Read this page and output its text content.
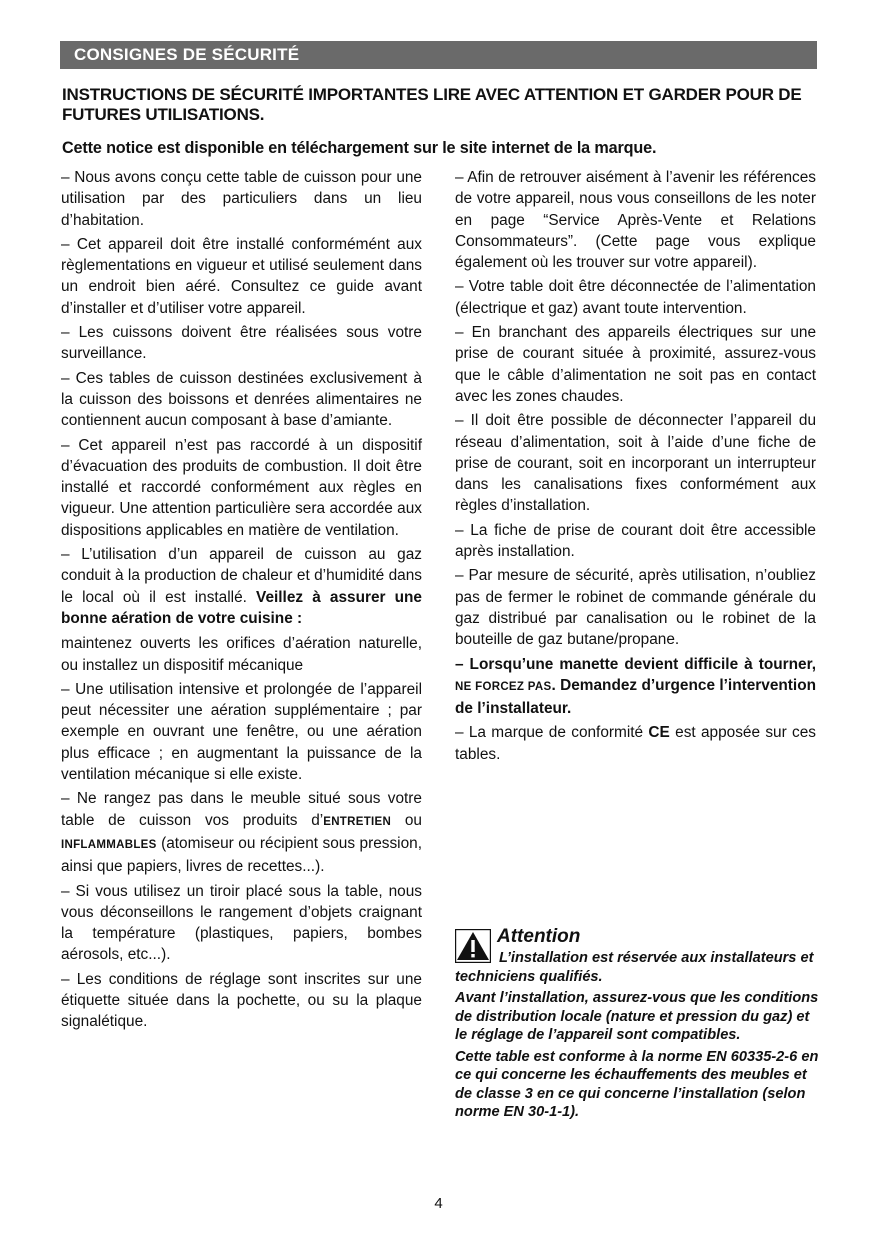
CONSIGNES DE SÉCURITÉ
INSTRUCTIONS DE SÉCURITÉ IMPORTANTES LIRE AVEC ATTENTION ET GARDER POUR DE FUTURES UTILISATIONS.
Cette notice est disponible en téléchargement sur le site internet de la marque.

– Nous avons conçu cette table de cuisson pour une utilisation par des particuliers dans un lieu d’habitation.

– Cet appareil doit être installé conformémént aux règlementations en vigueur et utilisé seulement dans un endroit bien aéré. Consultez ce guide avant d’installer et d’utiliser votre appareil.

– Les cuissons doivent être réalisées sous votre surveillance.

– Ces tables de cuisson destinées exclusivement à la cuisson des boissons et denrées alimentaires ne contiennent aucun composant à base d’amiante.

– Cet appareil n’est pas raccordé à un dispositif d’évacuation des produits de combustion. Il doit être installé et raccordé conformément aux règles en vigueur. Une attention particulière sera accordée aux dispositions applicables en matière de ventilation.

– L’utilisation d’un appareil de cuisson au gaz conduit à la production de chaleur et d’humidité dans le local où il est installé. Veillez à assurer une bonne aération de votre cuisine :

maintenez ouverts les orifices d’aération naturelle, ou installez un dispositif mécanique

– Une utilisation intensive et prolongée de l’appareil peut nécessiter une aération supplémentaire ; par exemple en ouvrant une fenêtre, ou une aération plus efficace ; en augmentant la puissance de la ventilation mécanique si elle existe.

– Ne rangez pas dans le meuble situé sous votre table de cuisson vos produits d’ENTRETIEN ou INFLAMMABLES (atomiseur ou récipient sous pression, ainsi que papiers, livres de recettes...).

– Si vous utilisez un tiroir placé sous la table, nous vous déconseillons le rangement d’objets craignant la température (plastiques, papiers, bombes aérosols, etc...).

– Les conditions de réglage sont inscrites sur une étiquette située dans la pochette, ou su la plaque signalétique.

– Afin de retrouver aisément à l’avenir les références de votre appareil, nous vous conseillons de les noter en page “Service Après-Vente et Relations Consommateurs”. (Cette page vous explique également où les trouver sur votre appareil).

– Votre table doit être déconnectée de l’alimentation (électrique et gaz) avant toute intervention.

– En branchant des appareils électriques sur une prise de courant située à proximité, assurez-vous que le câble d’alimentation ne soit pas en contact avec les zones chaudes.

– Il doit être possible de déconnecter l’appareil du réseau d’alimentation, soit à l’aide d’une fiche de prise de courant, soit en incorporant un interrupteur dans les canalisations fixes conformément aux règles d’installation.

– La fiche de prise de courant doit être accessible après installation.

– Par mesure de sécurité, après utilisation, n’oubliez pas de fermer le robinet de commande générale du gaz distribué par canalisation ou le robinet de la bouteille de gaz butane/propane.

– Lorsqu’une manette devient difficile à tourner, NE FORCEZ PAS. Demandez d’urgence l’intervention de l’installateur.

– La marque de conformité CE est apposée sur ces tables.

Attention

L’installation est réservée aux installateurs et techniciens qualifiés.

Avant l’installation, assurez-vous que les conditions de distribution locale (nature et pression du gaz) et le réglage de l’appareil sont compatibles.

Cette table est conforme à la norme EN 60335-2-6 en ce qui concerne les échauffements des meubles et de classe 3 en ce qui concerne l’installation (selon norme EN 30-1-1).

4
